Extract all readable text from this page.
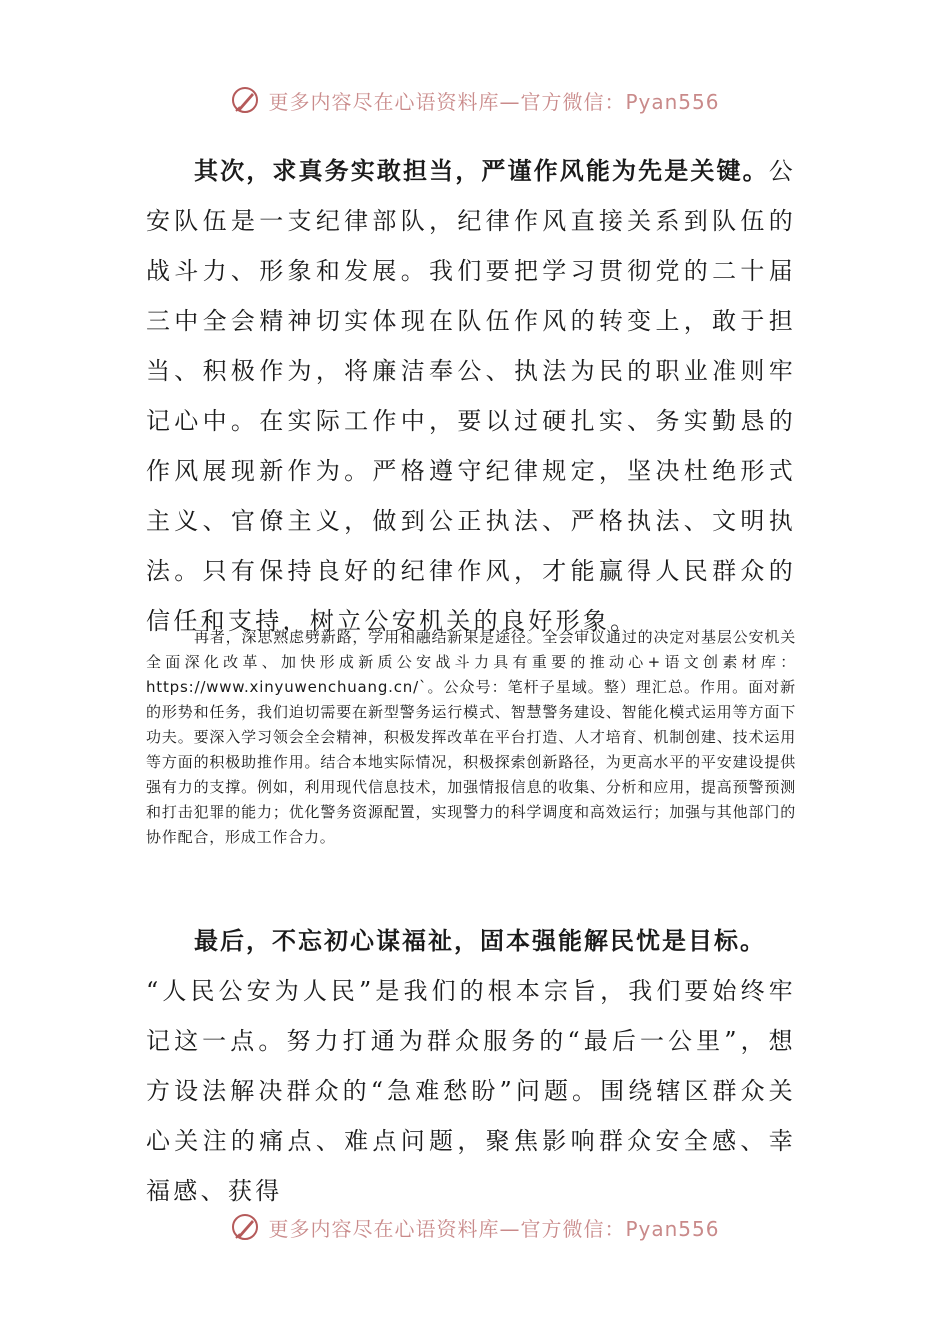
更多内容尽在心语资料库—官方微信：Pyan556

其次，求真务实敢担当，严谨作风能为先是关键。公安队伍是一支纪律部队，纪律作风直接关系到队伍的战斗力、形象和发展。我们要把学习贯彻党的二十届三中全会精神切实体现在队伍作风的转变上，敢于担当、积极作为，将廉洁奉公、执法为民的职业准则牢记心中。在实际工作中，要以过硬扎实、务实勤恳的作风展现新作为。严格遵守纪律规定，坚决杜绝形式主义、官僚主义，做到公正执法、严格执法、文明执法。只有保持良好的纪律作风，才能赢得人民群众的信任和支持，树立公安机关的良好形象。

再者，深思熟虑劈新路，学用相融结新果是途径。全会审议通过的决定对基层公安机关全面深化改革、加快形成新质公安战斗力具有重要的推动心+语文创素材库：https://www.xinyuwenchuang.cn/`。公众号：笔杆子星域。整）理汇总。作用。面对新的形势和任务，我们迫切需要在新型警务运行模式、智慧警务建设、智能化模式运用等方面下功夫。要深入学习领会全会精神，积极发挥改革在平台打造、人才培育、机制创建、技术运用等方面的积极助推作用。结合本地实际情况，积极探索创新路径，为更高水平的平安建设提供强有力的支撑。例如，利用现代信息技术，加强情报信息的收集、分析和应用，提高预警预测和打击犯罪的能力；优化警务资源配置，实现警力的科学调度和高效运行；加强与其他部门的协作配合，形成工作合力。

最后，不忘初心谋福祉，固本强能解民忧是目标。

“人民公安为人民”是我们的根本宗旨，我们要始终牢记这一点。努力打通为群众服务的“最后一公里”，想方设法解决群众的“急难愁盼”问题。围绕辖区群众关心关注的痛点、难点问题，聚焦影响群众安全感、幸福感、获得

更多内容尽在心语资料库—官方微信：Pyan556
